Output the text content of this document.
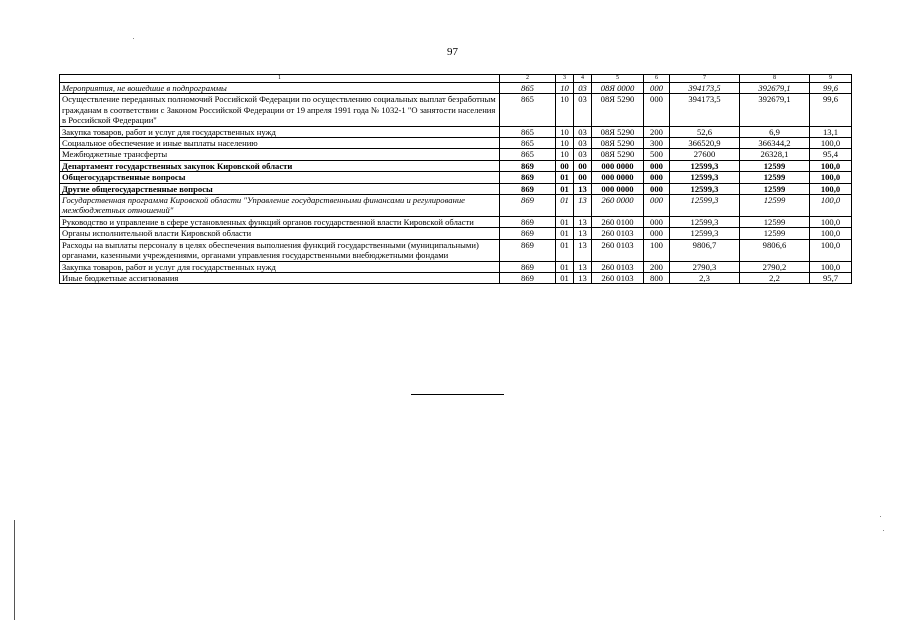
97
1	2	3	4	5	6	7	8	9
Мероприятия, не вошедшие в подпрограммы	865	10	03	08Я 0000	000	394173,5	392679,1	99,6
Осуществление переданных полномочий Российской Федерации по осуществлению социальных выплат безработным гражданам в соответствии с Законом Российской Федерации от 19 апреля 1991 года № 1032-1 "О занятости населения в Российской Федерации"	865	10	03	08Я 5290	000	394173,5	392679,1	99,6
Закупка товаров, работ и услуг для государственных нужд	865	10	03	08Я 5290	200	52,6	6,9	13,1
Социальное обеспечение и иные выплаты населению	865	10	03	08Я 5290	300	366520,9	366344,2	100,0
Межбюджетные трансферты	865	10	03	08Я 5290	500	27600	26328,1	95,4
Департамент государственных закупок Кировской области	869	00	00	000 0000	000	12599,3	12599	100,0
Общегосударственные вопросы	869	01	00	000 0000	000	12599,3	12599	100,0
Другие общегосударственные вопросы	869	01	13	000 0000	000	12599,3	12599	100,0
Государственная программа Кировской области "Управление государственными финансами и регулирование межбюджетных отношений"	869	01	13	260 0000	000	12599,3	12599	100,0
Руководство и управление в сфере установленных функций органов государственной власти Кировской области	869	01	13	260 0100	000	12599,3	12599	100,0
Органы исполнительной власти Кировской области	869	01	13	260 0103	000	12599,3	12599	100,0
Расходы на выплаты персоналу в целях обеспечения выполнения функций государственными (муниципальными) органами, казенными учреждениями, органами управления государственными внебюджетными фондами	869	01	13	260 0103	100	9806,7	9806,6	100,0
Закупка товаров, работ и услуг для государственных нужд	869	01	13	260 0103	200	2790,3	2790,2	100,0
Иные бюджетные ассигнования	869	01	13	260 0103	800	2,3	2,2	95,7
